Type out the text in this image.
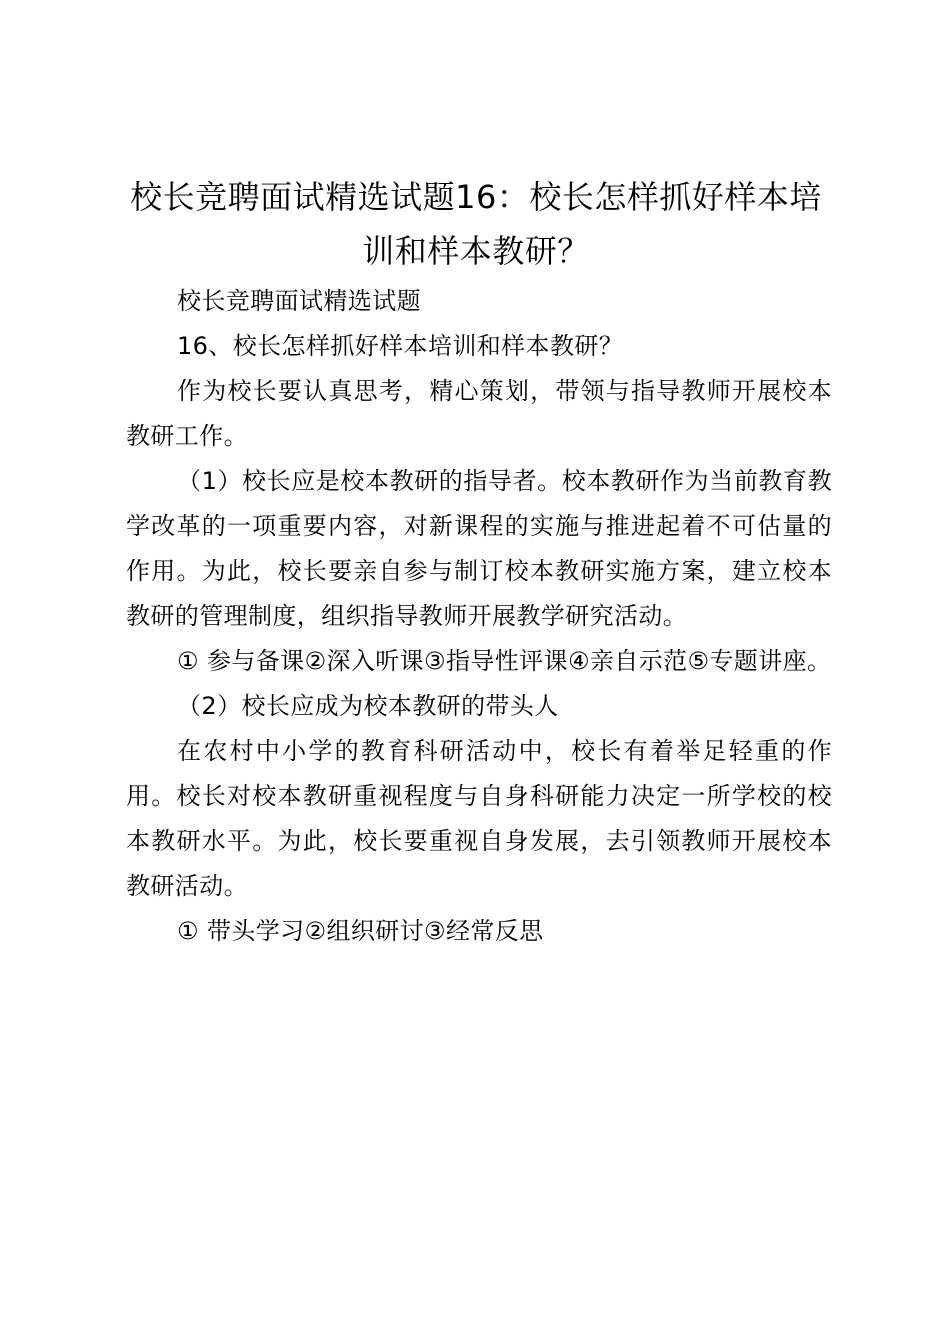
校长竞聘面试精选试题16：校长怎样抓好样本培训和样本教研？

校长竞聘面试精选试题

16、校长怎样抓好样本培训和样本教研？

作为校长要认真思考，精心策划，带领与指导教师开展校本教研工作。

（1）校长应是校本教研的指导者。校本教研作为当前教育教学改革的一项重要内容，对新课程的实施与推进起着不可估量的作用。为此，校长要亲自参与制订校本教研实施方案，建立校本教研的管理制度，组织指导教师开展教学研究活动。

① 参与备课②深入听课③指导性评课④亲自示范⑤专题讲座。

（2）校长应成为校本教研的带头人

在农村中小学的教育科研活动中，校长有着举足轻重的作用。校长对校本教研重视程度与自身科研能力决定一所学校的校本教研水平。为此，校长要重视自身发展，去引领教师开展校本教研活动。

① 带头学习②组织研讨③经常反思
